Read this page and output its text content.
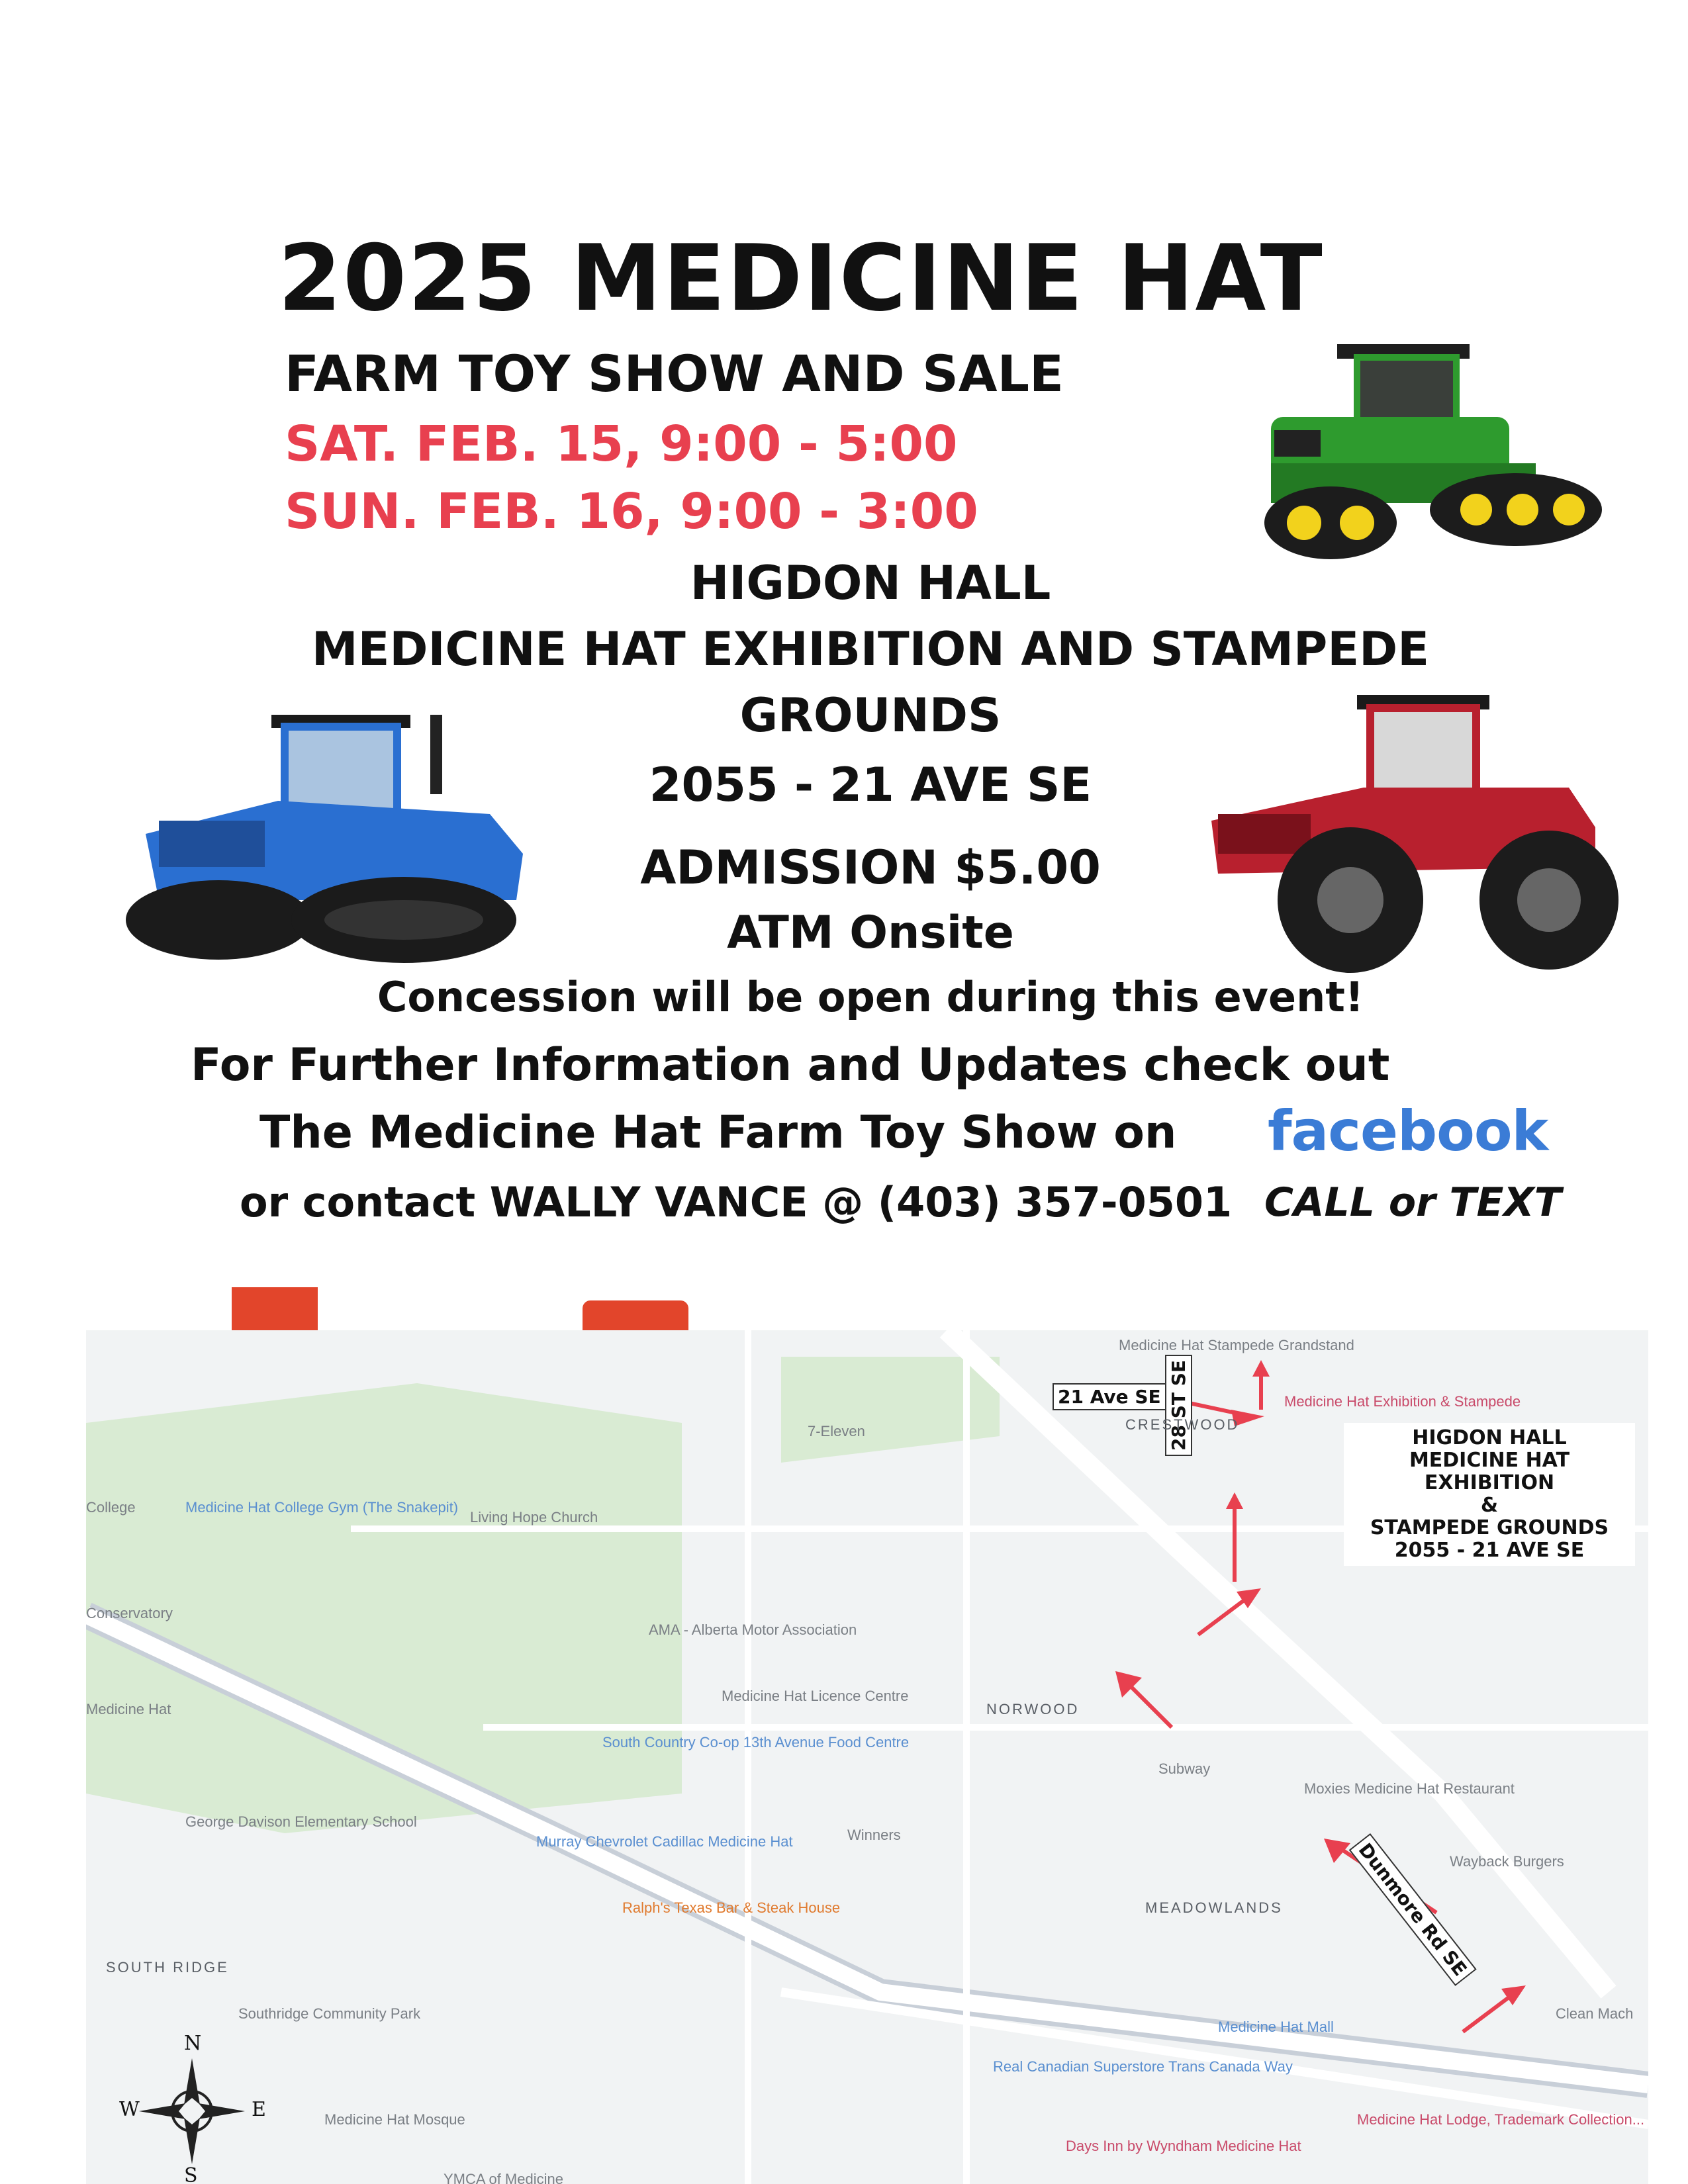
2025 MEDICINE HAT
FARM TOY SHOW AND SALE
SAT. FEB. 15, 9:00 - 5:00
SUN. FEB. 16, 9:00 - 3:00
HIGDON HALL
MEDICINE HAT EXHIBITION AND STAMPEDE
GROUNDS
2055 - 21 AVE SE
ADMISSION $5.00
ATM Onsite
Concession will be open during this event!
For Further Information and Updates check out
The Medicine Hat Farm Toy Show on facebook
or contact WALLY VANCE @ (403) 357-0501 CALL or TEXT
21 Ave SE 28 ST SE
Dunmore Rd SE
Medicine Hat Stampede Grandstand
Medicine Hat Exhibition & Stampede
CRESTWOOD
7-Eleven
College	Medicine Hat College Gym (The Snakepit)
Living Hope Church
Conservatory
AMA - Alberta Motor Association
Medicine Hat Licence Centre
South Country Co-op 13th Avenue Food Centre
NORWOOD
Subway
Moxies Medicine Hat Restaurant
Winners
George Davison Elementary School
Murray Chevrolet Cadillac Medicine Hat
Ralph's Texas Bar & Steak House	MEADOWLANDS
Wayback Burgers
SOUTH RIDGE
Southridge Community Park
Medicine Hat Mall
Real Canadian Superstore Trans Canada Way
Clean Mach
Medicine Hat Mosque
Days Inn by Wyndham Medicine Hat
Medicine Hat Lodge, Trademark Collection...
YMCA of Medicine
Medicine Hat
N
W	E
S
HIGDON HALL
MEDICINE HAT
EXHIBITION
&
STAMPEDE GROUNDS
2055 - 21 AVE SE
